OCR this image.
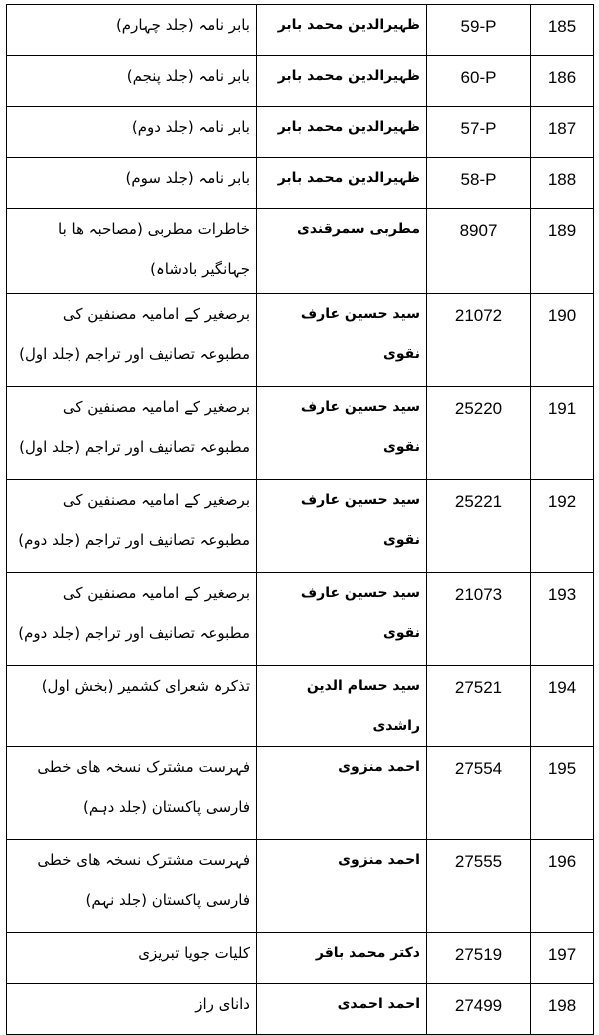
بابر نامہ (جلد چہارم)	ظہیرالدین محمد بابر	59-P	185
بابر نامہ (جلد پنجم)	ظہیرالدین محمد بابر	60-P	186
بابر نامہ (جلد دوم)	ظہیرالدین محمد بابر	57-P	187
بابر نامہ (جلد سوم)	ظہیرالدین محمد بابر	58-P	188
خاطرات مطربی (مصاحبہ ھا با جہانگیر بادشاہ)	مطربی سمرقندی	8907	189
برصغیر کے امامیہ مصنفین کی مطبوعہ تصانیف اور تراجم (جلد اول)	سید حسین عارف نقوی	21072	190
برصغیر کے امامیہ مصنفین کی مطبوعہ تصانیف اور تراجم (جلد اول)	سید حسین عارف نقوی	25220	191
برصغیر کے امامیہ مصنفین کی مطبوعہ تصانیف اور تراجم (جلد دوم)	سید حسین عارف نقوی	25221	192
برصغیر کے امامیہ مصنفین کی مطبوعہ تصانیف اور تراجم (جلد دوم)	سید حسین عارف نقوی	21073	193
تذکرہ شعرای کشمیر (بخش اول)	سید حسام الدین راشدی	27521	194
فہرست مشترک نسخہ ھای خطی فارسی پاکستان (جلد دہم)	احمد منزوی	27554	195
فہرست مشترک نسخہ ھای خطی فارسی پاکستان (جلد نہم)	احمد منزوی	27555	196
کلیات جویا تبریزی	دکتر محمد باقر	27519	197
دانای راز	احمد احمدی	27499	198
